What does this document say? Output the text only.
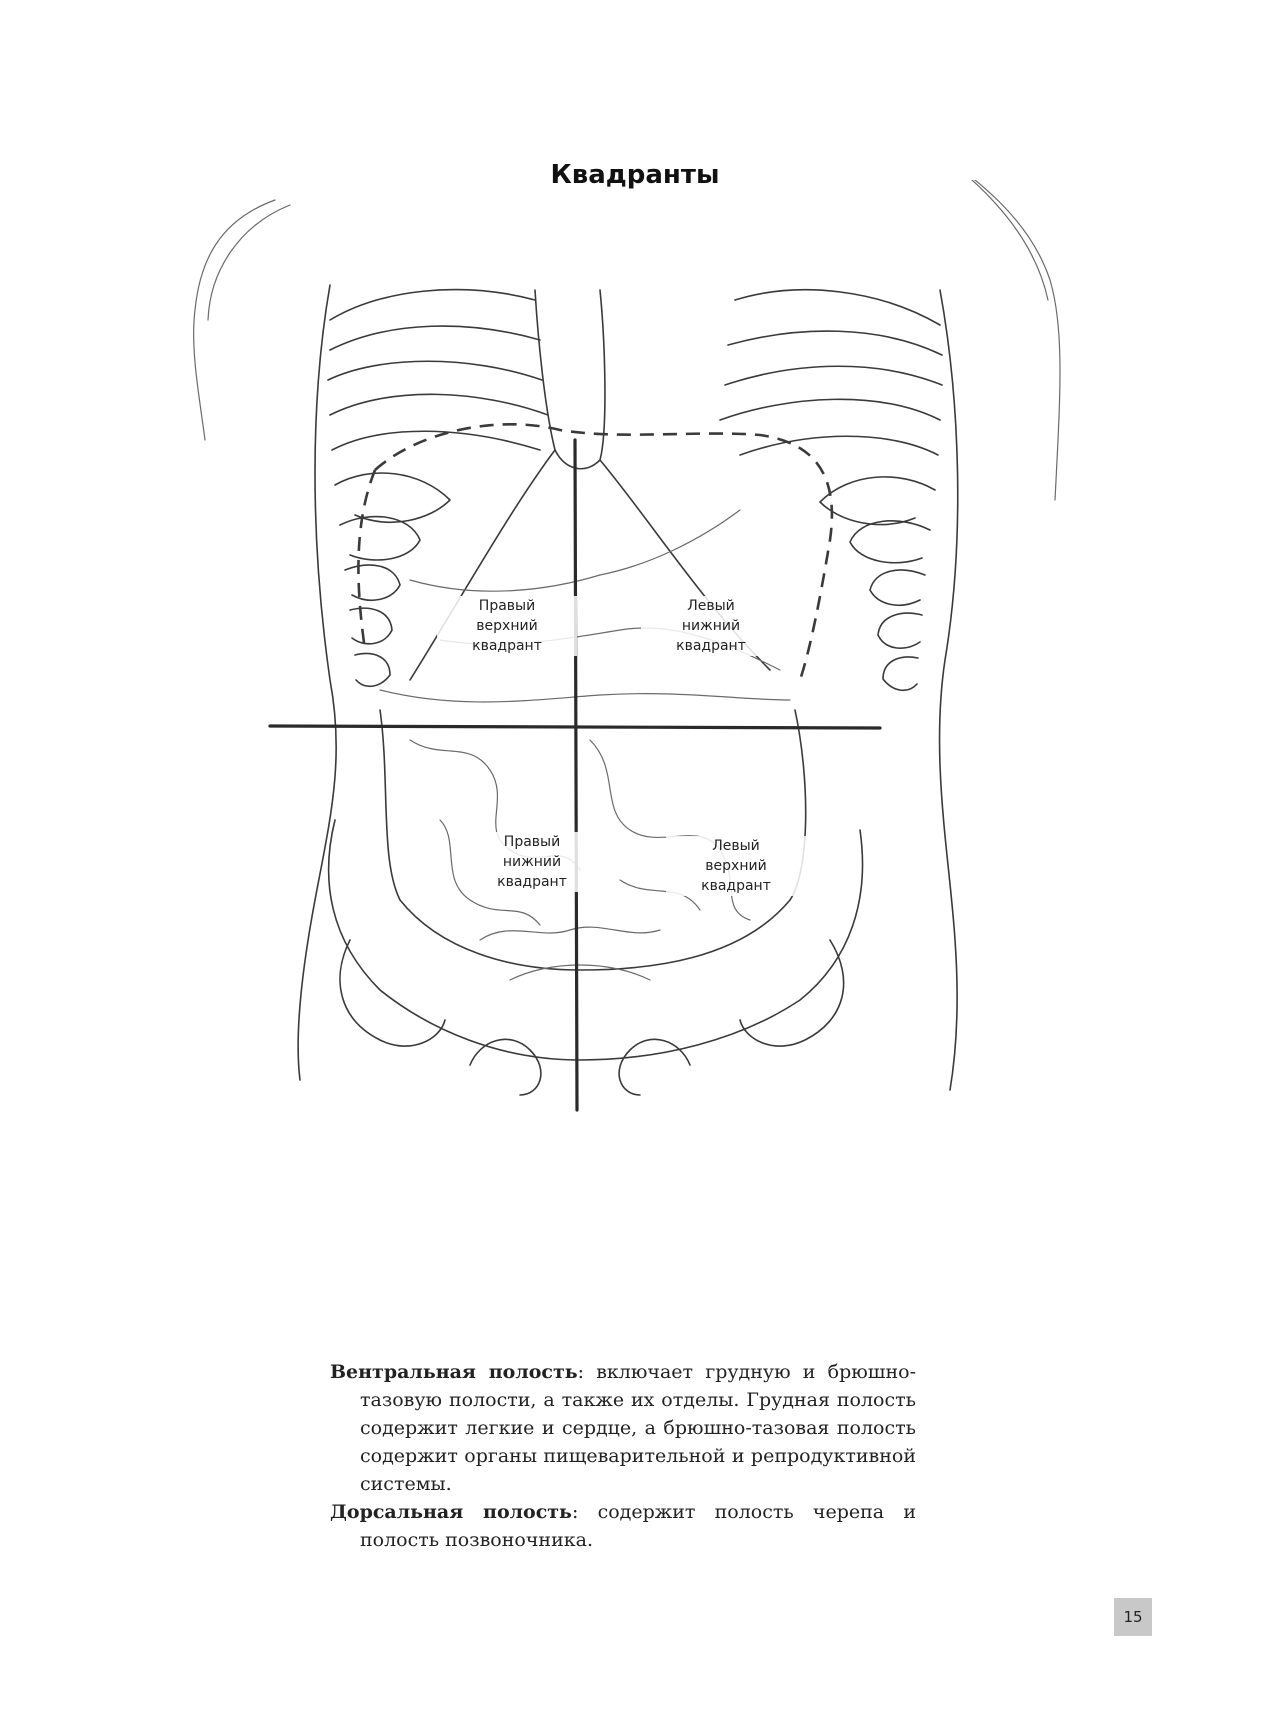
Квадранты
Правый
верхний
квадрант
Левый
нижний
квадрант
Правый
нижний
квадрант
Левый
верхний
квадрант

Вентральная полость: включает грудную и брюшно-тазовую полости, а также их отделы. Грудная полость содержит легкие и сердце, а брюшно-тазовая полость содержит органы пищеварительной и репродуктивной системы.

Дорсальная полость: содержит полость черепа и полость позвоночника.

15
